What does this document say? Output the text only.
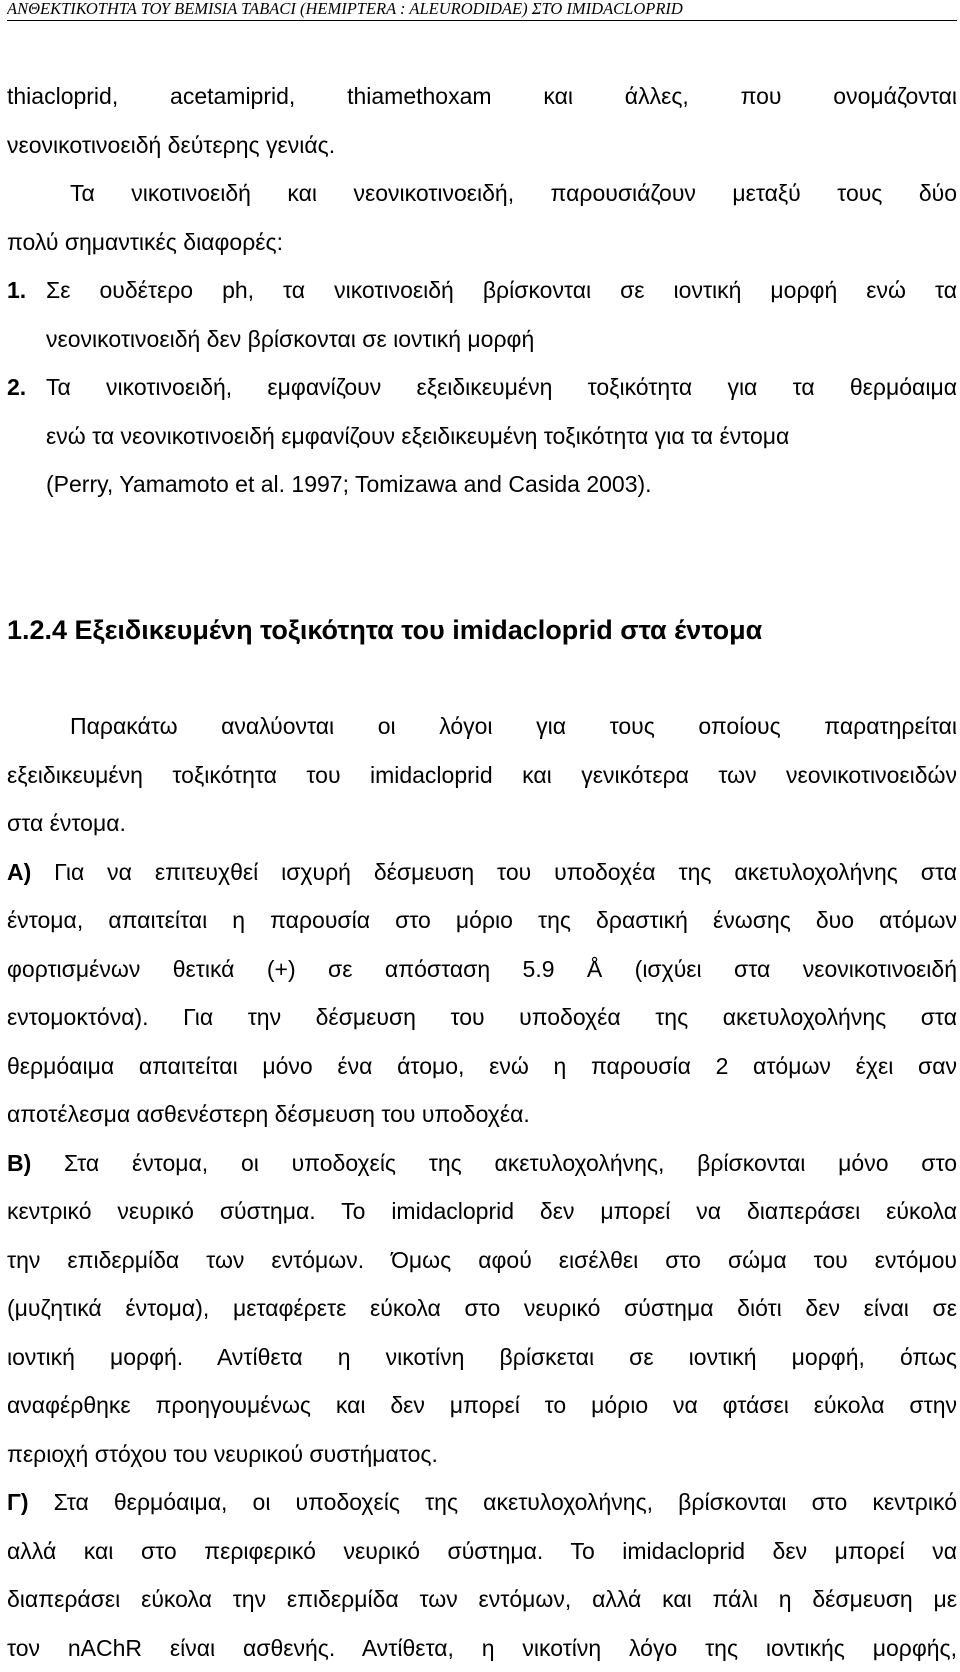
ΑΝΘΕΚΤΙΚΟΤΗΤΑ ΤΟΥ BEMISIA TABACI (HEMIPTERA : ALEURODIDAE) ΣΤΟ IMIDACLOPRID

thiacloprid, acetamiprid, thiamethoxam και άλλες, που ονομάζονται

νεονικοτινοειδή δεύτερης γενιάς.

Τα νικοτινοειδή και νεονικοτινοειδή, παρουσιάζουν μεταξύ τους δύο

πολύ σημαντικές διαφορές:

1. Σε ουδέτερο ph, τα νικοτινοειδή βρίσκονται σε ιοντική μορφή ενώ τα

νεονικοτινοειδή δεν βρίσκονται σε ιοντική μορφή

2. Τα νικοτινοειδή, εμφανίζουν εξειδικευμένη τοξικότητα για τα θερμόαιμα

ενώ τα νεονικοτινοειδή εμφανίζουν εξειδικευμένη τοξικότητα για τα έντομα

(Perry, Yamamoto et al. 1997; Tomizawa and Casida 2003).

1.2.4 Εξειδικευμένη τοξικότητα του imidacloprid στα έντομα

Παρακάτω αναλύονται οι λόγοι για τους οποίους παρατηρείται

εξειδικευμένη τοξικότητα του imidacloprid και γενικότερα των νεονικοτινοειδών

στα έντομα.

Α) Για να επιτευχθεί ισχυρή δέσμευση του υποδοχέα της ακετυλοχολήνης στα

έντομα, απαιτείται η παρουσία στο μόριο της δραστική ένωσης δυο ατόμων

φορτισμένων θετικά (+) σε απόσταση 5.9 Å (ισχύει στα νεονικοτινοειδή

εντομοκτόνα). Για την δέσμευση του υποδοχέα της ακετυλοχολήνης στα

θερμόαιμα απαιτείται μόνο ένα άτομο, ενώ η παρουσία 2 ατόμων έχει σαν

αποτέλεσμα ασθενέστερη δέσμευση του υποδοχέα.

Β) Στα έντομα, οι υποδοχείς της ακετυλοχολήνης, βρίσκονται μόνο στο

κεντρικό νευρικό σύστημα. Το imidacloprid δεν μπορεί να διαπεράσει εύκολα

την επιδερμίδα των εντόμων. Όμως αφού εισέλθει στο σώμα του εντόμου

(μυζητικά έντομα), μεταφέρετε εύκολα στο νευρικό σύστημα διότι δεν είναι σε

ιοντική μορφή. Αντίθετα η νικοτίνη βρίσκεται σε ιοντική μορφή, όπως

αναφέρθηκε προηγουμένως και δεν μπορεί το μόριο να φτάσει εύκολα στην

περιοχή στόχου του νευρικού συστήματος.

Γ) Στα θερμόαιμα, οι υποδοχείς της ακετυλοχολήνης, βρίσκονται στο κεντρικό

αλλά και στο περιφερικό νευρικό σύστημα. Το imidacloprid δεν μπορεί να

διαπεράσει εύκολα την επιδερμίδα των εντόμων, αλλά και πάλι η δέσμευση με

τον nAChR είναι ασθενής. Αντίθετα, η νικοτίνη λόγο της ιοντικής μορφής,
